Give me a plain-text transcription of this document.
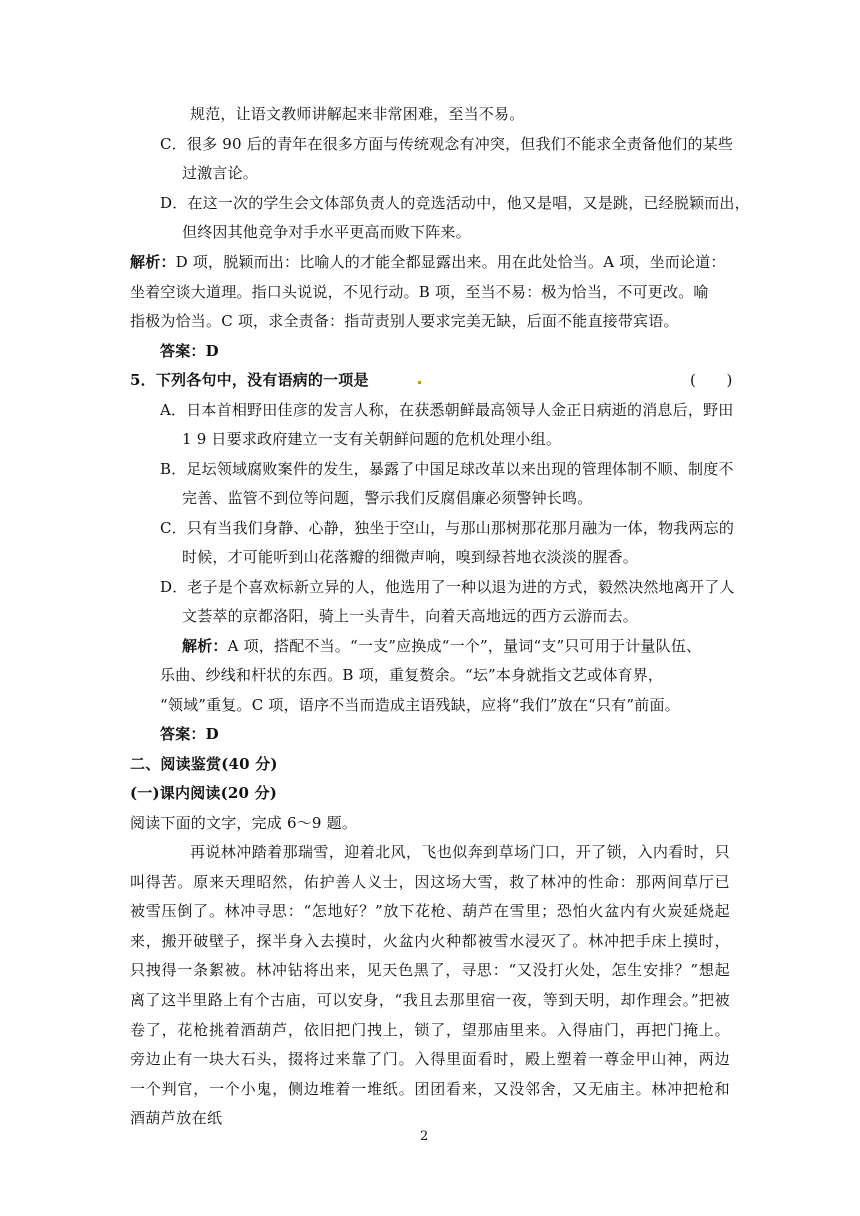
规范，让语文教师讲解起来非常困难，至当不易。
C．很多 90 后的青年在很多方面与传统观念有冲突，但我们不能求全责备他们的某些
过激言论。
D．在这一次的学生会文体部负责人的竞选活动中，他又是唱，又是跳，已经脱颖而出，
但终因其他竞争对手水平更高而败下阵来。
解析：D 项，脱颖而出：比喻人的才能全都显露出来。用在此处恰当。A 项，坐而论道：
坐着空谈大道理。指口头说说，不见行动。B 项，至当不易：极为恰当，不可更改。喻
指极为恰当。C 项，求全责备：指苛责别人要求完美无缺，后面不能直接带宾语。
答案：D
5．下列各句中，没有语病的一项是	(　　)
A．日本首相野田佳彦的发言人称，在获悉朝鲜最高领导人金正日病逝的消息后，野田
1 9 日要求政府建立一支有关朝鲜问题的危机处理小组。
B．足坛领域腐败案件的发生，暴露了中国足球改革以来出现的管理体制不顺、制度不
完善、监管不到位等问题，警示我们反腐倡廉必须警钟长鸣。
C．只有当我们身静、心静，独坐于空山，与那山那树那花那月融为一体，物我两忘的
时候，才可能听到山花落瓣的细微声响，嗅到绿苔地衣淡淡的腥香。
D．老子是个喜欢标新立异的人，他选用了一种以退为进的方式，毅然决然地离开了人
文荟萃的京都洛阳，骑上一头青牛，向着天高地远的西方云游而去。
解析：A 项，搭配不当。“一支”应换成“一个”，量词“支”只可用于计量队伍、
乐曲、纱线和杆状的东西。B 项，重复赘余。“坛”本身就指文艺或体育界，
“领域”重复。C 项，语序不当而造成主语残缺，应将“我们”放在“只有”前面。
答案：D
二、阅读鉴赏(40 分)
(一)课内阅读(20 分)
阅读下面的文字，完成 6～9 题。
再说林冲踏着那瑞雪，迎着北风，飞也似奔到草场门口，开了锁，入内看时，只叫得苦。原来天理昭然，佑护善人义士，因这场大雪，救了林冲的性命：那两间草厅已被雪压倒了。林冲寻思：“怎地好？”放下花枪、葫芦在雪里；恐怕火盆内有火炭延烧起来，搬开破壁子，探半身入去摸时，火盆内火种都被雪水浸灭了。林冲把手床上摸时，只拽得一条絮被。林冲钻将出来，见天色黑了，寻思：“又没打火处，怎生安排？”想起离了这半里路上有个古庙，可以安身，“我且去那里宿一夜，等到天明，却作理会。”把被卷了，花枪挑着酒葫芦，依旧把门拽上，锁了，望那庙里来。入得庙门，再把门掩上。旁边止有一块大石头，掇将过来靠了门。入得里面看时，殿上塑着一尊金甲山神，两边一个判官，一个小鬼，侧边堆着一堆纸。团团看来，又没邻舍，又无庙主。林冲把枪和酒葫芦放在纸
2
